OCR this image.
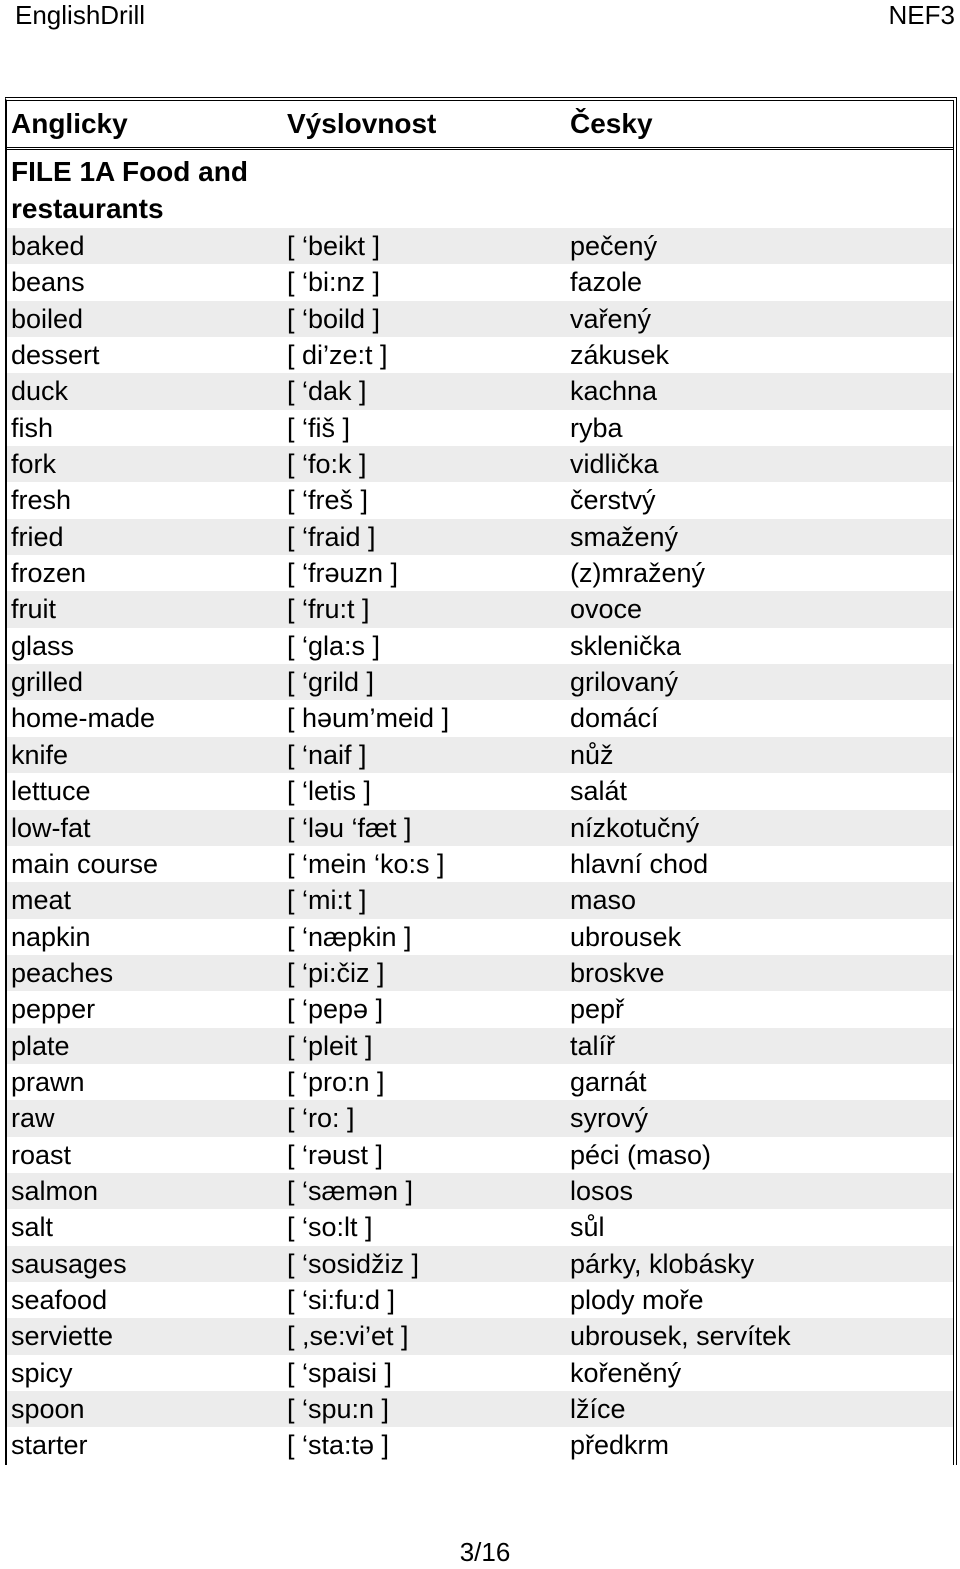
EnglishDrill	NEF3
Anglicky	Výslovnost	Česky
FILE 1A Food and restaurants
baked	[ ‘beikt ]	pečený
beans	[ ‘bi:nz ]	fazole
boiled	[ ‘boild ]	vařený
dessert	[ di’ze:t ]	zákusek
duck	[ ‘dak ]	kachna
fish	[ ‘fiš ]	ryba
fork	[ ‘fo:k ]	vidlička
fresh	[ ‘freš ]	čerstvý
fried	[ ‘fraid ]	smažený
frozen	[ ‘frəuzn ]	(z)mražený
fruit	[ ‘fru:t ]	ovoce
glass	[ ‘gla:s ]	sklenička
grilled	[ ‘grild ]	grilovaný
home-made	[ həum’meid ]	domácí
knife	[ ‘naif ]	nůž
lettuce	[ ‘letis ]	salát
low-fat	[ ‘ləu ‘fæt ]	nízkotučný
main course	[ ‘mein ‘ko:s ]	hlavní chod
meat	[ ‘mi:t ]	maso
napkin	[ ‘næpkin ]	ubrousek
peaches	[ ‘pi:čiz ]	broskve
pepper	[ ‘pepə ]	pepř
plate	[ ‘pleit ]	talíř
prawn	[ ‘pro:n ]	garnát
raw	[ ‘ro: ]	syrový
roast	[ ‘rəust ]	péci (maso)
salmon	[ ‘sæmən ]	losos
salt	[ ‘so:lt ]	sůl
sausages	[ ‘sosidžiz ]	párky, klobásky
seafood	[ ‘si:fu:d ]	plody moře
serviette	[ ,se:vi’et ]	ubrousek, servítek
spicy	[ ‘spaisi ]	kořeněný
spoon	[ ‘spu:n ]	lžíce
starter	[ ‘sta:tə ]	předkrm
3/16
